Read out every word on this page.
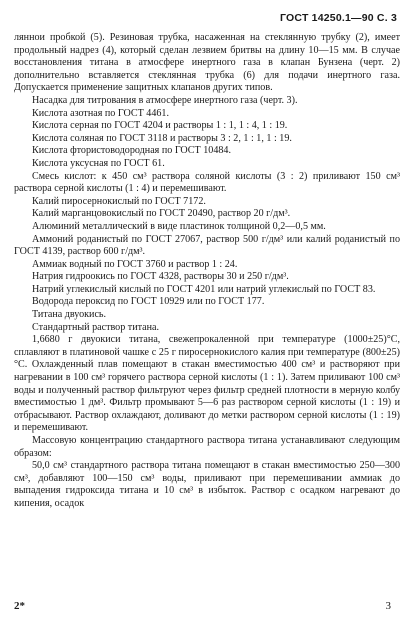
ГОСТ 14250.1—90 С. 3

ляннои пробкой (5). Резиновая трубка, насаженная на стеклянную трубку (2), имеет продольный надрез (4), который сделан лезвием бритвы на длину 10—15 мм. В случае восстановления титана в атмосфере инертного газа в клапан Бунзена (черт. 2) дополнительно вставляется стеклянная трубка (6) для подачи инертного газа. Допускается применение защитных клапанов других типов.

Насадка для титрования в атмосфере инертного газа (черт. 3).

Кислота азотная по ГОСТ 4461.

Кислота серная по ГОСТ 4204 и растворы 1 : 1, 1 : 4, 1 : 19.

Кислота соляная по ГОСТ 3118 и растворы 3 : 2, 1 : 1, 1 : 19.

Кислота фтористоводородная по ГОСТ 10484.

Кислота уксусная по ГОСТ 61.

Смесь кислот: к 450 см³ раствора соляной кислоты (3 : 2) приливают 150 см³ раствора серной кислоты (1 : 4) и перемешивают.

Калий пиросернокислый по ГОСТ 7172.

Калий марганцовокислый по ГОСТ 20490, раствор 20 г/дм³.

Алюминий металлический в виде пластинок толщиной 0,2—0,5 мм.

Аммоний роданистый по ГОСТ 27067, раствор 500 г/дм³ или калий роданистый по ГОСТ 4139, раствор 600 г/дм³.

Аммиак водный по ГОСТ 3760 и раствор 1 : 24.

Натрия гидроокись по ГОСТ 4328, растворы 30 и 250 г/дм³.

Натрий углекислый кислый по ГОСТ 4201 или натрий углекислый по ГОСТ 83.

Водорода пероксид по ГОСТ 10929 или по ГОСТ 177.

Титана двуокись.

Стандартный раствор титана.

1,6680 г двуокиси титана, свежепрокаленной при температуре (1000±25)°С, сплавляют в платиновой чашке с 25 г пиросернокислого калия при температуре (800±25)°С. Охлажденный плав помещают в стакан вместимостью 400 см³ и растворяют при нагревании в 100 см³ горячего раствора серной кислоты (1 : 1). Затем приливают 100 см³ воды и полученный раствор фильтруют через фильтр средней плотности в мерную колбу вместимостью 1 дм³. Фильтр промывают 5—6 раз раствором серной кислоты (1 : 19) и отбрасывают. Раствор охлаждают, доливают до метки раствором серной кислоты (1 : 19) и перемешивают.

Массовую концентрацию стандартного раствора титана устанавливают следующим образом:

50,0 см³ стандартного раствора титана помещают в стакан вместимостью 250—300 см³, добавляют 100—150 см³ воды, приливают при перемешивании аммиак до выпадения гидроксида титана и 10 см³ в избыток. Раствор с осадком нагревают до кипения, осадок

2*	3
